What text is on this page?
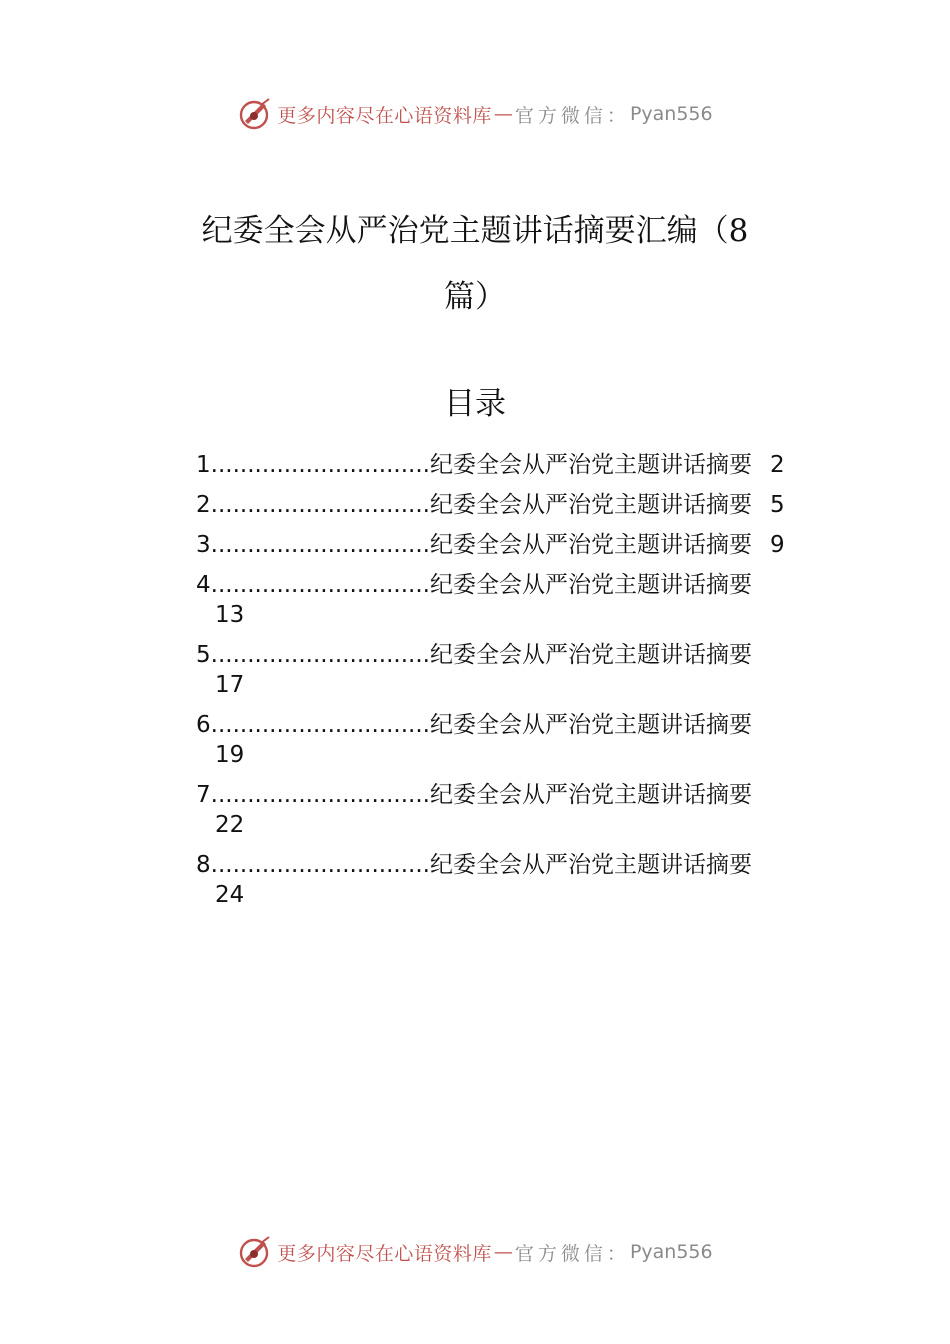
更多内容尽在心语资料库 — 官方微信： Pyan556
纪委全会从严治党主题讲话摘要汇编（8
篇）
目录
1..............................纪委全会从严治党主题讲话摘要 2
2..............................纪委全会从严治党主题讲话摘要 5
3..............................纪委全会从严治党主题讲话摘要 9
4..............................纪委全会从严治党主题讲话摘要
13
5..............................纪委全会从严治党主题讲话摘要
17
6..............................纪委全会从严治党主题讲话摘要
19
7..............................纪委全会从严治党主题讲话摘要
22
8..............................纪委全会从严治党主题讲话摘要
24
更多内容尽在心语资料库 — 官方微信： Pyan556
